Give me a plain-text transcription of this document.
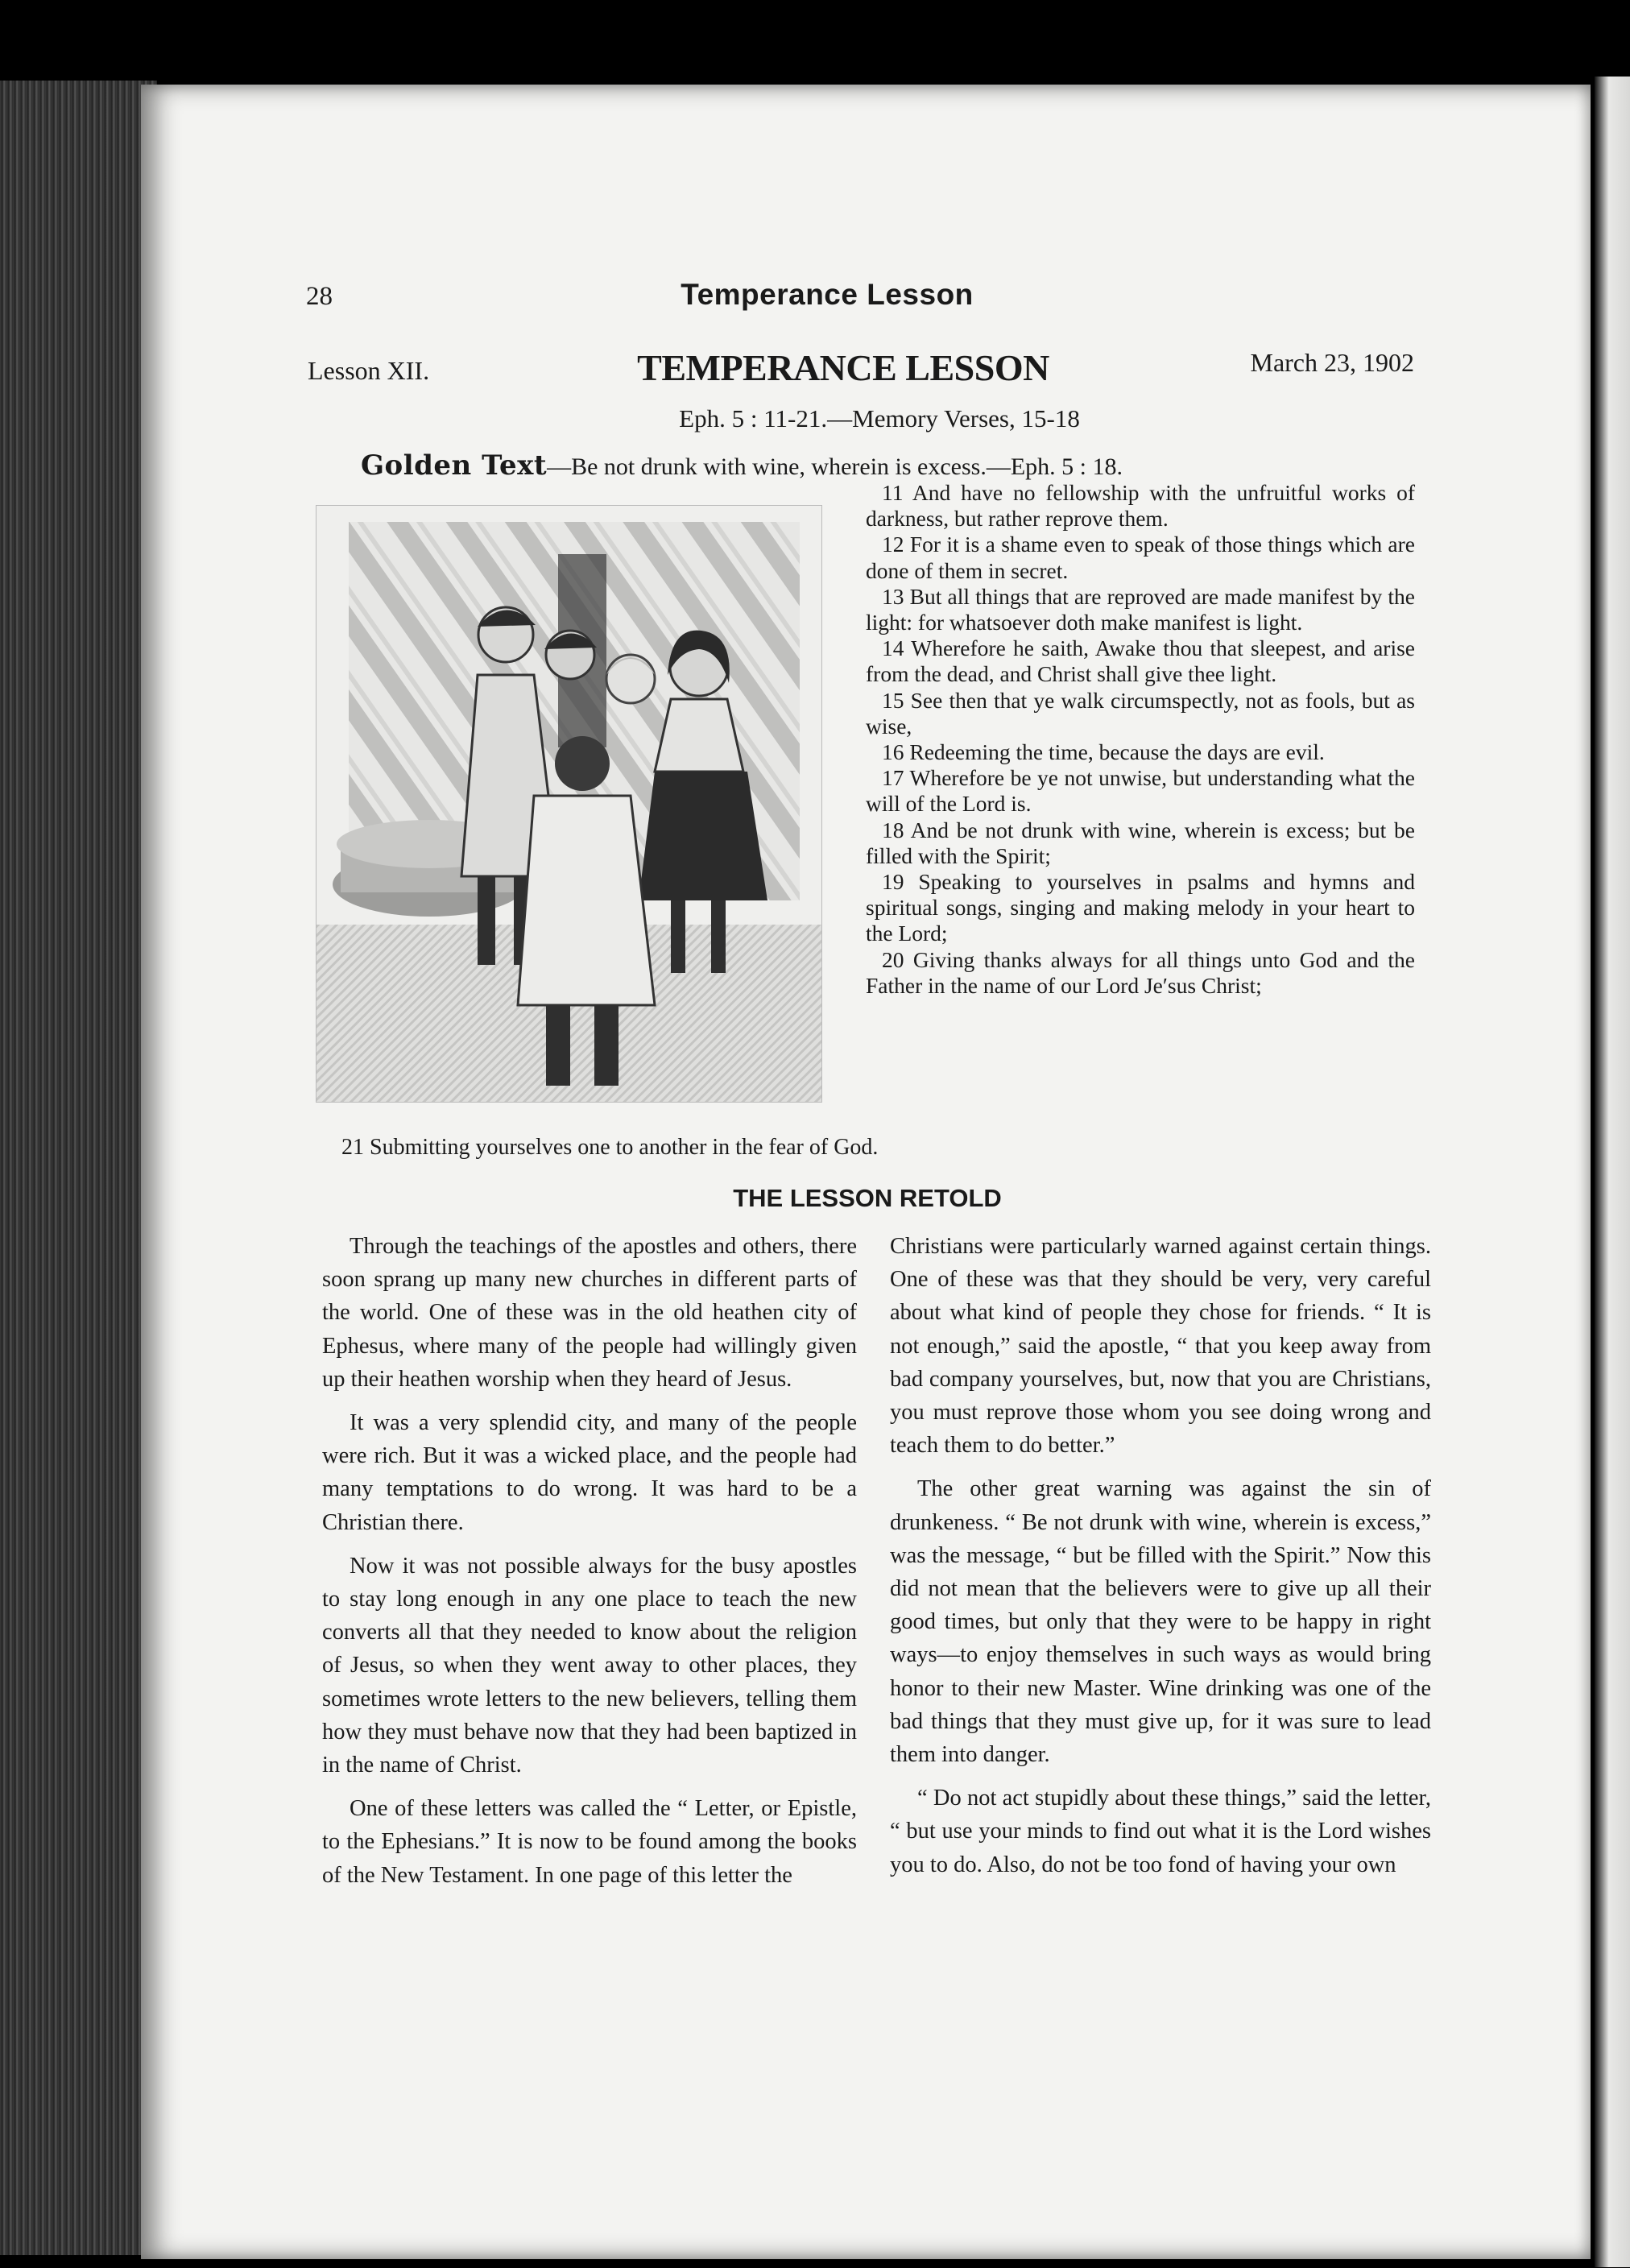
28	Temperance Lesson
Lesson XII.	TEMPERANCE LESSON	March 23, 1902
Eph. 5 : 11-21.—Memory Verses, 15-18
Golden Text—Be not drunk with wine, wherein is excess.—Eph. 5 : 18.

11 And have no fellowship with the unfruitful works of darkness, but rather reprove them.

12 For it is a shame even to speak of those things which are done of them in secret.

13 But all things that are reproved are made manifest by the light: for whatsoever doth make manifest is light.

14 Wherefore he saith, Awake thou that sleepest, and arise from the dead, and Christ shall give thee light.

15 See then that ye walk circumspectly, not as fools, but as wise,

16 Redeeming the time, because the days are evil.

17 Wherefore be ye not unwise, but understanding what the will of the Lord is.

18 And be not drunk with wine, wherein is excess; but be filled with the Spirit;

19 Speaking to yourselves in psalms and hymns and spiritual songs, singing and making melody in your heart to the Lord;

20 Giving thanks always for all things unto God and the Father in the name of our Lord Je′sus Christ;

21 Submitting yourselves one to another in the fear of God.
THE LESSON RETOLD

Through the teachings of the apostles and others, there soon sprang up many new churches in different parts of the world. One of these was in the old heathen city of Ephesus, where many of the people had willingly given up their heathen worship when they heard of Jesus.

It was a very splendid city, and many of the people were rich. But it was a wicked place, and the people had many temptations to do wrong. It was hard to be a Christian there.

Now it was not possible always for the busy apostles to stay long enough in any one place to teach the new converts all that they needed to know about the religion of Jesus, so when they went away to other places, they sometimes wrote letters to the new believers, telling them how they must behave now that they had been baptized in in the name of Christ.

One of these letters was called the “ Letter, or Epistle, to the Ephesians.” It is now to be found among the books of the New Testament. In one page of this letter the

Christians were particularly warned against certain things. One of these was that they should be very, very careful about what kind of people they chose for friends. “ It is not enough,” said the apostle, “ that you keep away from bad company yourselves, but, now that you are Christians, you must reprove those whom you see doing wrong and teach them to do better.”

The other great warning was against the sin of drunkeness. “ Be not drunk with wine, wherein is excess,” was the message, “ but be filled with the Spirit.” Now this did not mean that the believers were to give up all their good times, but only that they were to be happy in right ways—to enjoy themselves in such ways as would bring honor to their new Master. Wine drinking was one of the bad things that they must give up, for it was sure to lead them into danger.

“ Do not act stupidly about these things,” said the letter, “ but use your minds to find out what it is the Lord wishes you to do. Also, do not be too fond of having your own
